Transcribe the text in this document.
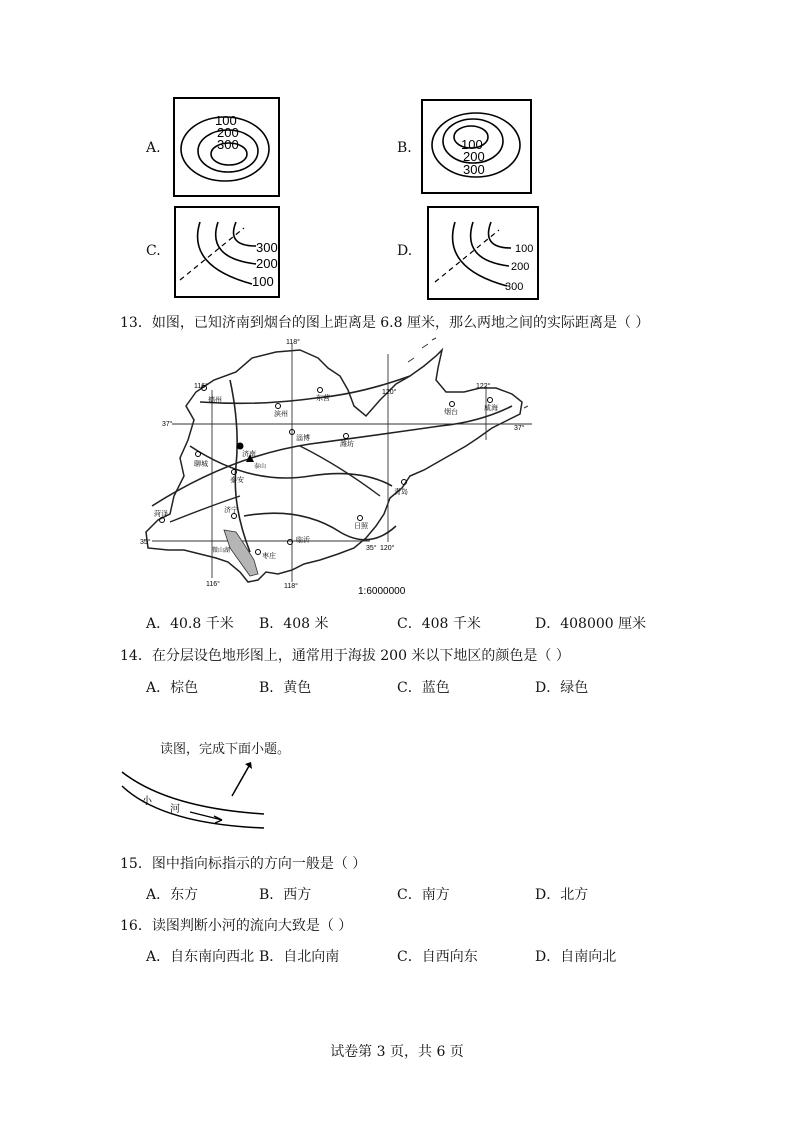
A.
100
200
300	B.	100
200
300
C.	300
200
100
D.	100
200
300
13．如图，已知济南到烟台的图上距离是 6.8 厘米，那么两地之间的实际距离是（ ）
118°
116°
120°
122°
116°	118°
120°
37°
37°
35°
35°
德州
滨州
东营
烟台
威海
淄博
潍坊
聊城
济南
泰山
泰安
青岛
日照
临沂
菏泽
济宁
枣庄
微山湖
1:6000000
A．40.8 千米 B．408 米	C．408 千米	D．408000 厘米
14．在分层设色地形图上，通常用于海拔 200 米以下地区的颜色是（ ）
A．棕色	B．黄色	C．蓝色	D．绿色
读图，完成下面小题。
小
河
15．图中指向标指示的方向一般是（ ）
A．东方	B．西方	C．南方	D．北方
16．读图判断小河的流向大致是（ ）
A．自东南向西北 B．自北向南	C．自西向东	D．自南向北
试卷第 3 页，共 6 页
